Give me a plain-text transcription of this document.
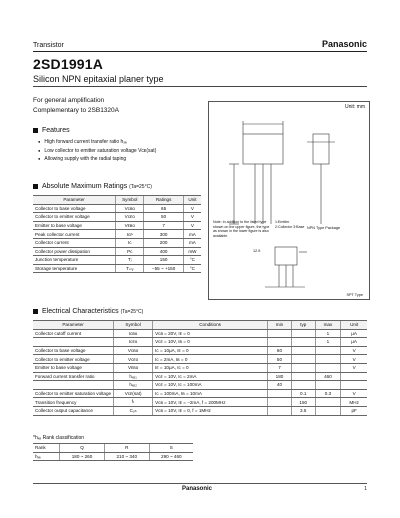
Transistor	Panasonic
2SD1991A
Silicon NPN epitaxial planer type
For general amplification
Complementary to 2SB1320A
Features
● High forward current transfer ratio hₓₑ
● Low collector to emitter saturation voltage Vᴄᴇ(sat)
● Allowing supply with the radial taping
Absolute Maximum Ratings (Ta=25°C)
Parameter	Symbol	Ratings	Unit
Collector to base voltage	Vᴄʙᴏ	65	V
Collector to emitter voltage	Vᴄᴇᴏ	50	V
Emitter to base voltage	Vᴇʙᴏ	7	V
Peak collector current	Iᴄᴘ	300	mA
Collector current	Iᴄ	200	mA
Collector power dissipation	Pᴄ	400	mW
Junction temperature	Tⱼ	150	°C
Storage temperature	Tₛₜᵧ	−55 ~ +150	°C
Unit: mm
Note: In addition to the listed type shown on the upper figure, the type as shown in the lower figure is also available.
1:Emitter 2:Collector 3:Base NPN Type Package
12.5
SPT Type
Electrical Characteristics (Ta=25°C)
Parameter	Symbol	Conditions	min	typ	max	Unit
Collector cutoff current	Iᴄʙᴏ	Vᴄʙ = 20V, Iᴇ = 0			1	μA
	Iᴄᴇᴏ	Vᴄᴇ = 10V, Iʙ = 0			1	μA
Collector to base voltage	Vᴄʙᴏ	Iᴄ = 10μA, Iᴇ = 0	60			V
Collector to emitter voltage	Vᴄᴇᴏ	Iᴄ = 2mA, Iʙ = 0	50			V
Emitter to base voltage	Vᴇʙᴏ	Iᴇ = 10μA, Iᴄ = 0	7			V
Forward current transfer ratio	hₓₑ₁	Vᴄᴇ = 10V, Iᴄ = 2mA	180		460	
	hₓₑ₂	Vᴄᴇ = 10V, Iᴄ = 100mA	40			
Collector to emitter saturation voltage	Vᴄᴇ(sat)	Iᴄ = 100mA, Iʙ = 10mA		0.1	0.3	V
Transition frequency	fₜ	Vᴄʙ = 10V, Iᴇ = −2mA, f = 200MHz		150		MHz
Collector output capacitance	Cₒₙ	Vᴄʙ = 10V, Iᴇ = 0, f = 1MHz		3.5		pF
*hₓₑ Rank classification
Rank	Q	R	S
hₓₑ	180 ~ 260	210 ~ 340	290 ~ 460
Panasonic	1
